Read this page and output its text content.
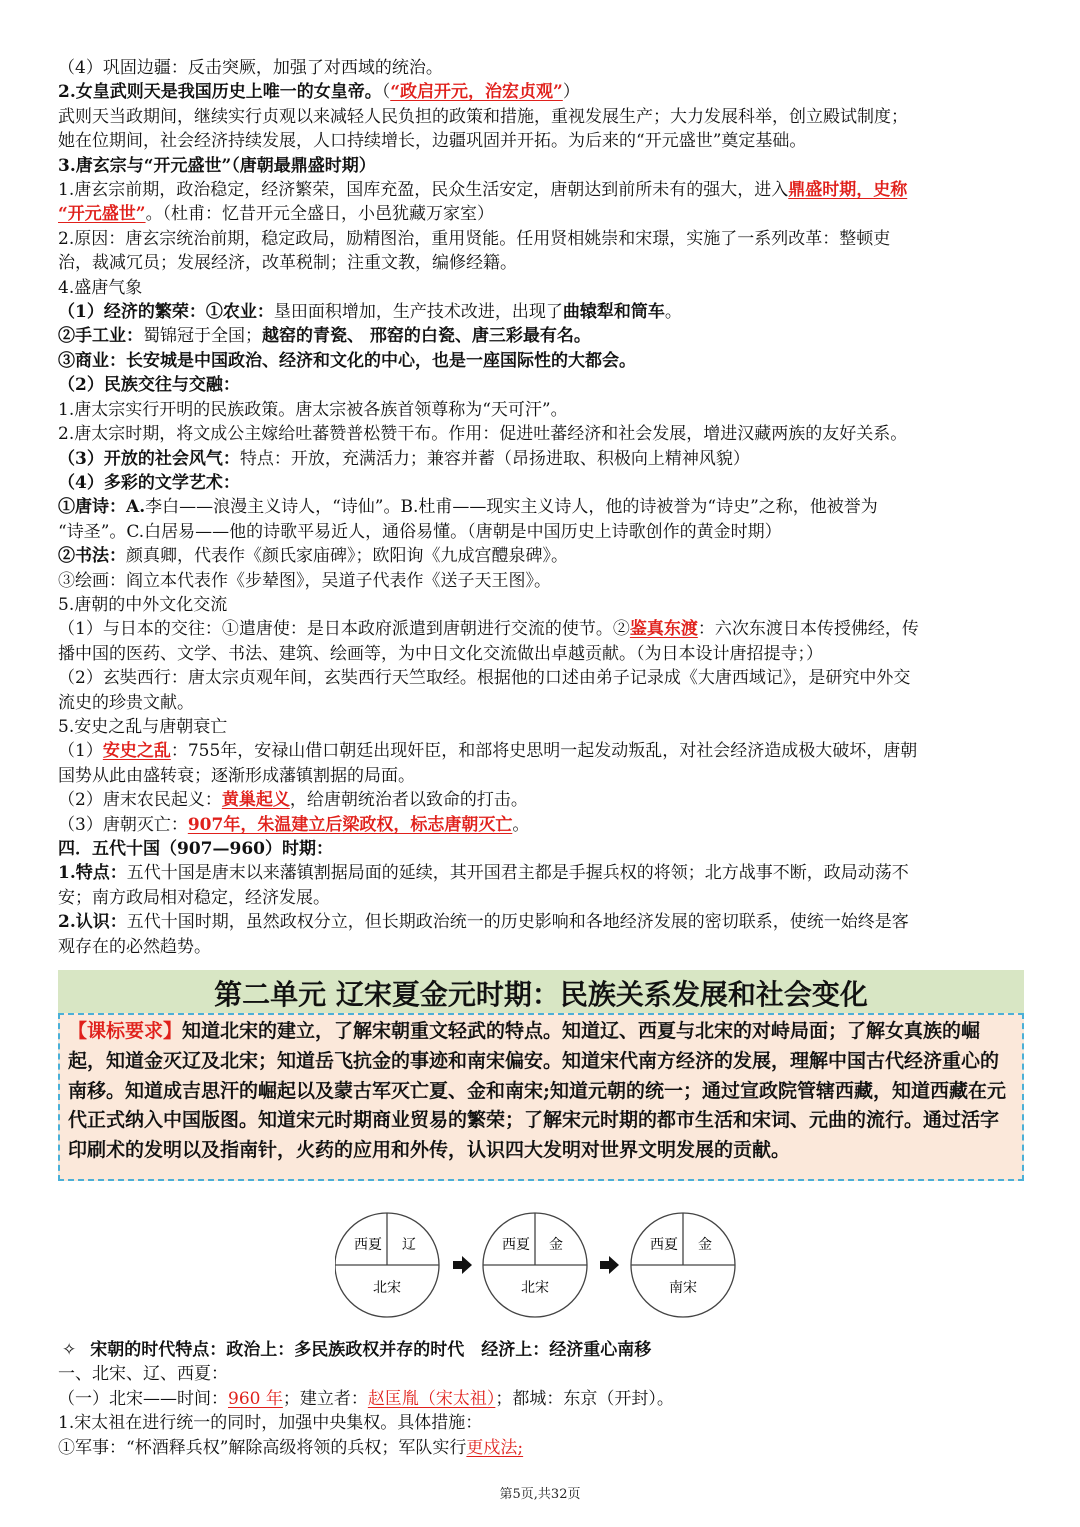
（4）巩固边疆：反击突厥，加强了对西域的统治。

2.女皇武则天是我国历史上唯一的女皇帝。（“政启开元，治宏贞观”）

武则天当政期间，继续实行贞观以来减轻人民负担的政策和措施，重视发展生产；大力发展科举，创立殿试制度；

她在位期间，社会经济持续发展，人口持续增长，边疆巩固并开拓。为后来的“开元盛世”奠定基础。

3.唐玄宗与“开元盛世”（唐朝最鼎盛时期）

1.唐玄宗前期，政治稳定，经济繁荣，国库充盈，民众生活安定，唐朝达到前所未有的强大，进入鼎盛时期，史称

“开元盛世”。（杜甫：忆昔开元全盛日，小邑犹藏万家室）

2.原因：唐玄宗统治前期，稳定政局，励精图治，重用贤能。任用贤相姚崇和宋璟，实施了一系列改革：整顿吏

治，裁减冗员；发展经济，改革税制；注重文教，编修经籍。

4.盛唐气象

（1）经济的繁荣：①农业：垦田面积增加，生产技术改进，出现了曲辕犁和筒车。

②手工业：蜀锦冠于全国；越窑的青瓷、 邢窑的白瓷、唐三彩最有名。

③商业：长安城是中国政治、经济和文化的中心，也是一座国际性的大都会。

（2）民族交往与交融：

1.唐太宗实行开明的民族政策。唐太宗被各族首领尊称为“天可汗”。

2.唐太宗时期，将文成公主嫁给吐蕃赞普松赞干布。作用：促进吐蕃经济和社会发展，增进汉藏两族的友好关系。

（3）开放的社会风气：特点：开放，充满活力；兼容并蓄（昂扬进取、积极向上精神风貌）

（4）多彩的文学艺术：

①唐诗：A.李白——浪漫主义诗人，“诗仙”。B.杜甫——现实主义诗人，他的诗被誉为“诗史”之称，他被誉为

“诗圣”。C.白居易——他的诗歌平易近人，通俗易懂。（唐朝是中国历史上诗歌创作的黄金时期）

②书法：颜真卿，代表作《颜氏家庙碑》；欧阳询《九成宫醴泉碑》。

③绘画：阎立本代表作《步辇图》，吴道子代表作《送子天王图》。

5.唐朝的中外文化交流

（1）与日本的交往：①遣唐使：是日本政府派遣到唐朝进行交流的使节。②鉴真东渡：六次东渡日本传授佛经，传

播中国的医药、文学、书法、建筑、绘画等，为中日文化交流做出卓越贡献。（为日本设计唐招提寺；）

（2）玄奘西行：唐太宗贞观年间，玄奘西行天竺取经。根据他的口述由弟子记录成《大唐西域记》，是研究中外交

流史的珍贵文献。

5.安史之乱与唐朝衰亡

（1）安史之乱：755年，安禄山借口朝廷出现奸臣，和部将史思明一起发动叛乱，对社会经济造成极大破坏，唐朝

国势从此由盛转衰；逐渐形成藩镇割据的局面。

（2）唐末农民起义：黄巢起义，给唐朝统治者以致命的打击。

（3）唐朝灭亡：907年，朱温建立后梁政权，标志唐朝灭亡。

四．五代十国（907—960）时期：

1.特点：五代十国是唐末以来藩镇割据局面的延续，其开国君主都是手握兵权的将领；北方战事不断，政局动荡不

安；南方政局相对稳定，经济发展。

2.认识：五代十国时期，虽然政权分立，但长期政治统一的历史影响和各地经济发展的密切联系，使统一始终是客

观存在的必然趋势。

第二单元 辽宋夏金元时期：民族关系发展和社会变化
【课标要求】知道北宋的建立，了解宋朝重文轻武的特点。知道辽、西夏与北宋的对峙局面；了解女真族的崛起，知道金灭辽及北宋；知道岳飞抗金的事迹和南宋偏安。知道宋代南方经济的发展，理解中国古代经济重心的南移。知道成吉思汗的崛起以及蒙古军灭亡夏、金和南宋;知道元朝的统一；通过宣政院管辖西藏，知道西藏在元代正式纳入中国版图。知道宋元时期商业贸易的繁荣；了解宋元时期的都市生活和宋词、元曲的流行。通过活字印刷术的发明以及指南针，火药的应用和外传，认识四大发明对世界文明发展的贡献。
西夏 辽
北宋
西夏 金
北宋
西夏 金
南宋

✧ 宋朝的时代特点：政治上：多民族政权并存的时代　经济上：经济重心南移

一、北宋、辽、西夏：

（一）北宋——时间：960 年；建立者：赵匡胤（宋太祖）；都城：东京（开封）。

1.宋太祖在进行统一的同时，加强中央集权。具体措施：

①军事：“杯酒释兵权”解除高级将领的兵权；军队实行更戍法;

第5页,共32页
